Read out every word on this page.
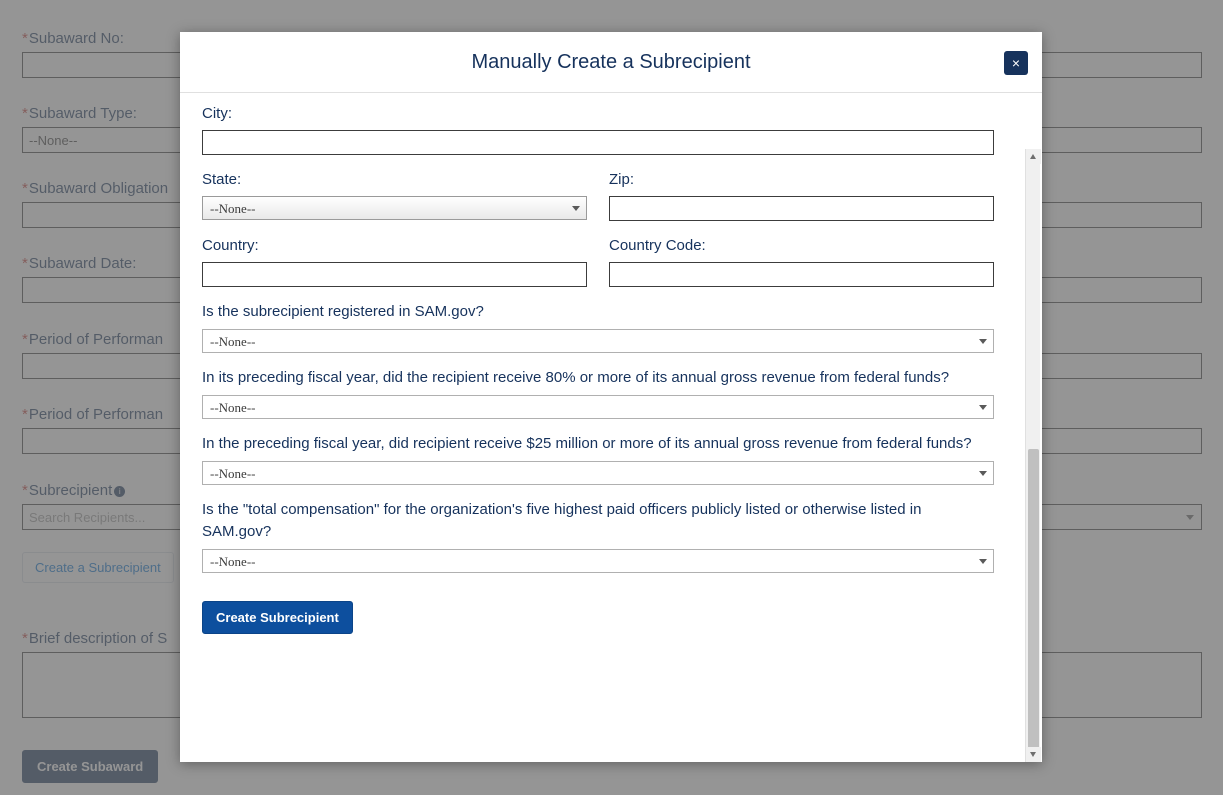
Manually Create a Subrecipient	×
City:
State:
--None--
Zip:
Country:	Country Code:
Is the subrecipient registered in SAM.gov?
--None--
In its preceding fiscal year, did the recipient receive 80% or more of its annual gross revenue from federal funds?
--None--
In the preceding fiscal year, did recipient receive $25 million or more of its annual gross revenue from federal funds?
--None--
Is the "total compensation" for the organization's five highest paid officers publicly listed or otherwise listed in SAM.gov?
--None--
Create Subrecipient
